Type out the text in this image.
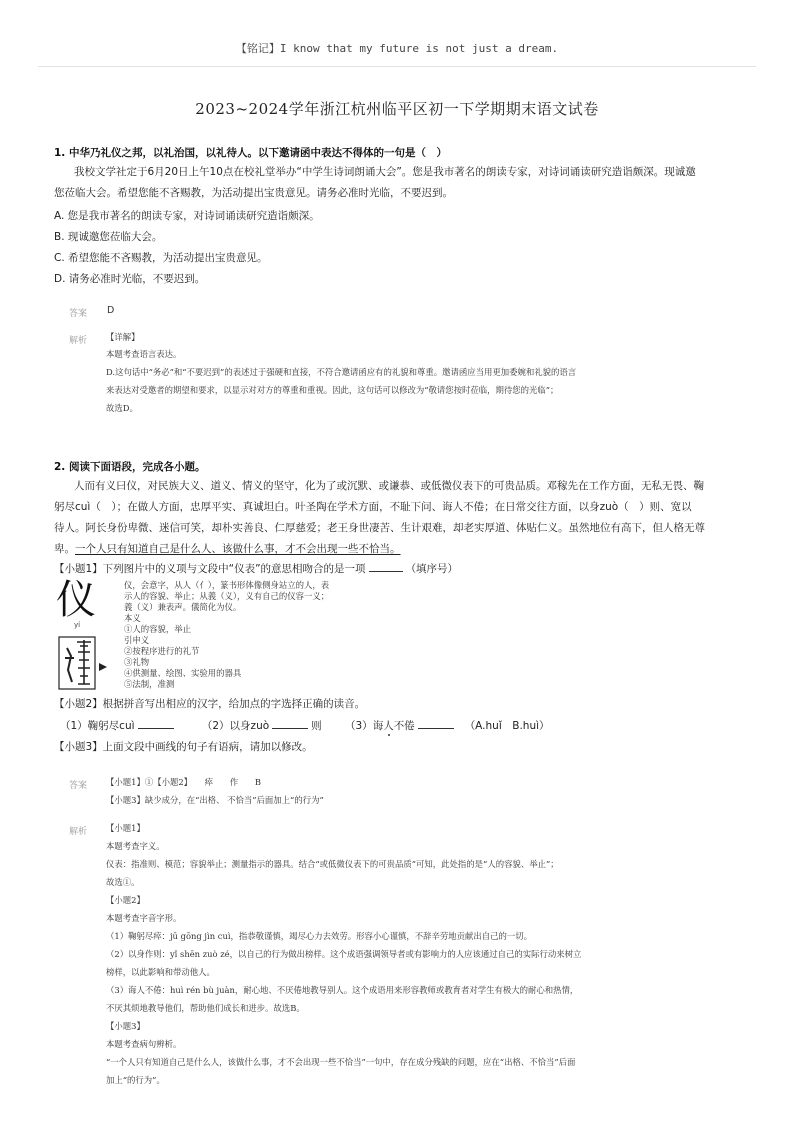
【铭记】I know that my future is not just a dream.
2023~2024学年浙江杭州临平区初一下学期期末语文试卷
1. 中华乃礼仪之邦，以礼治国，以礼待人。以下邀请函中表达不得体的一句是（　）
我校文学社定于6月20日上午10点在校礼堂举办“中学生诗词朗诵大会”。您是我市著名的朗读专家，对诗词诵读研究造诣颇深。现诚邀
您莅临大会。希望您能不吝赐教，为活动提出宝贵意见。请务必准时光临，不要迟到。
A. 您是我市著名的朗读专家，对诗词诵读研究造诣颇深。
B. 现诚邀您莅临大会。
C. 希望您能不吝赐教，为活动提出宝贵意见。
D. 请务必准时光临，不要迟到。
答案 D
解析 【详解】
本题考查语言表达。
D.这句话中“务必”和“不要迟到”的表述过于强硬和直接，不符合邀请函应有的礼貌和尊重。邀请函应当用更加委婉和礼貌的语言
来表达对受邀者的期望和要求，以显示对对方的尊重和重视。因此，这句话可以修改为“敬请您按时莅临，期待您的光临”；
故选D。
2. 阅读下面语段，完成各小题。
人而有义曰仪，对民族大义、道义、情义的坚守，化为了或沉默、或谦恭、或低微仪表下的可贵品质。邓稼先在工作方面，无私无畏、鞠
躬尽cuì（　）；在做人方面，忠厚平实、真诚坦白。叶圣陶在学术方面，不耻下问、诲人不倦；在日常交往方面，以身zuò（　）则、宽以
待人。阿长身份卑微、迷信可笑，却朴实善良、仁厚慈爱；老王身世凄苦、生计艰难，却老实厚道、体贴仁义。虽然地位有高下，但人格无尊
卑。一个人只有知道自己是什么人、该做什么事，才不会出现一些不恰当。
【小题1】下列图片中的义项与文段中“仪表”的意思相吻合的是一项	（填序号）
仪
yí
仪，会意字，从人（亻），篆书形体像侧身站立的人，表
示人的容貌、举止；从義（义），义有自己的仪容一义；
義（义）兼表声。儀简化为仪。
本义
①人的容貌，举止
引申义
②按程序进行的礼节
③礼物
④供测量、绘图、实验用的器具
⑤法制，准测
【小题2】根据拼音写出相应的汉字，给加点的字选择正确的读音。
（1）鞠躬尽cuì	（2）以身zuò	则 （3）诲人不倦	（A.huǐ　B.huì）
【小题3】上面文段中画线的句子有语病，请加以修改。
答案 【小题1】①【小题2】　　瘁　　作　　B
【小题3】缺少成分，在“出格、 不恰当”后面加上“的行为”
解析 【小题1】
本题考查字义。
仪表：指准则、模范；容貌举止；测量指示的器具。结合“或低微仪表下的可贵品质”可知，此处指的是“人的容貌、举止”；
故选①。
【小题2】
本题考查字音字形。
（1）鞠躬尽瘁：jū gōng jìn cuì，指恭敬谨慎，竭尽心力去效劳。形容小心谨慎，不辞辛劳地贡献出自己的一切。
（2）以身作则：yǐ shēn zuò zé，以自己的行为做出榜样。这个成语强调领导者或有影响力的人应该通过自己的实际行动来树立
榜样，以此影响和带动他人。
（3）诲人不倦：huì rén bù juàn，耐心地、不厌倦地教导别人。这个成语用来形容教师或教育者对学生有极大的耐心和热情，
不厌其烦地教导他们，帮助他们成长和进步。故选B。
【小题3】
本题考查病句辨析。
“一个人只有知道自己是什么人，该做什么事，才不会出现一些不恰当”一句中，存在成分残缺的问题，应在“出格、不恰当”后面
加上“的行为”。
